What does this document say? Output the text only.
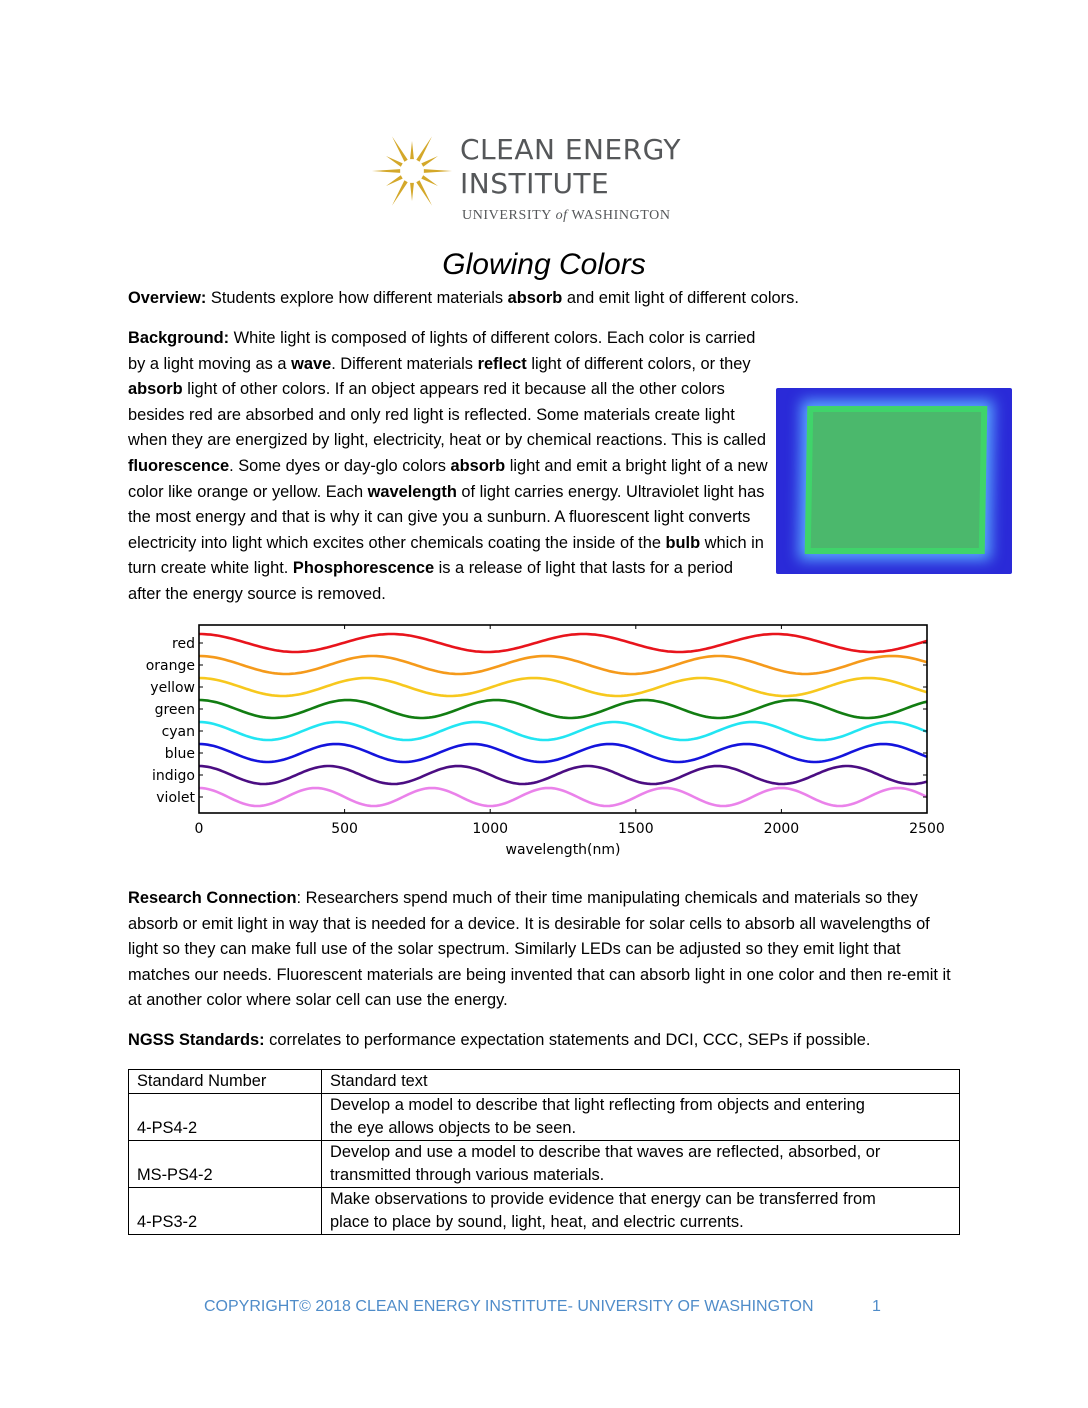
CLEAN ENERGY
INSTITUTE
UNIVERSITY of WASHINGTON
Glowing Colors
Overview: Students explore how different materials absorb and emit light of different colors.
Background: White light is composed of lights of different colors. Each color is carried by a light moving as a wave. Different materials reflect light of different colors, or they absorb light of other colors. If an object appears red it because all the other colors besides red are absorbed and only red light is reflected. Some materials create light when they are energized by light, electricity, heat or by chemical reactions. This is called fluorescence. Some dyes or day-glo colors absorb light and emit a bright light of a new color like orange or yellow. Each wavelength of light carries energy. Ultraviolet light has the most energy and that is why it can give you a sunburn. A fluorescent light converts electricity into light which excites other chemicals coating the inside of the bulb which in turn create white light. Phosphorescence is a release of light that lasts for a period after the energy source is removed.
red
orange
yellow
green
cyan
blue
indigo
violet
0	500	1000	1500	2000	2500
wavelength(nm)
Research Connection: Researchers spend much of their time manipulating chemicals and materials so they absorb or emit light in way that is needed for a device. It is desirable for solar cells to absorb all wavelengths of light so they can make full use of the solar spectrum. Similarly LEDs can be adjusted so they emit light that matches our needs. Fluorescent materials are being invented that can absorb light in one color and then re-emit it at another color where solar cell can use the energy.
NGSS Standards: correlates to performance expectation statements and DCI, CCC, SEPs if possible.
Standard Number	Standard text
4-PS4-2	Develop a model to describe that light reflecting from objects and entering
the eye allows objects to be seen.

MS-PS4-2	Develop and use a model to describe that waves are reflected, absorbed, or
transmitted through various materials.

4-PS3-2	Make observations to provide evidence that energy can be transferred from
place to place by sound, light, heat, and electric currents.
COPYRIGHT© 2018 CLEAN ENERGY INSTITUTE- UNIVERSITY OF WASHINGTON	1
